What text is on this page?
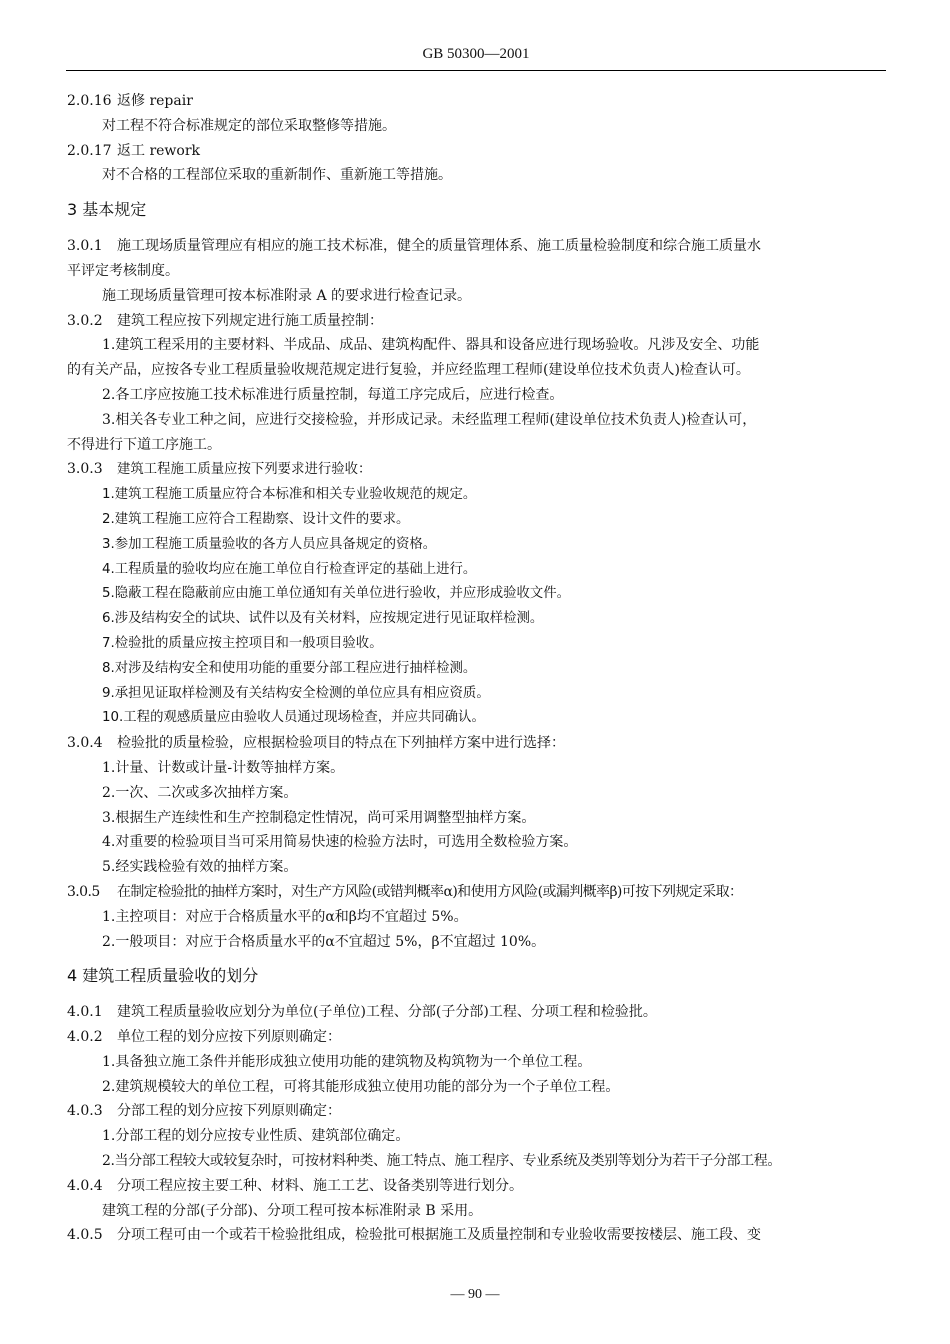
GB 50300—2001
2.0.16 返修 repair
对工程不符合标准规定的部位采取整修等措施。
2.0.17 返工 rework
对不合格的工程部位采取的重新制作、重新施工等措施。
3 基本规定
3.0.1 施工现场质量管理应有相应的施工技术标准，健全的质量管理体系、施工质量检验制度和综合施工质量水
平评定考核制度。
施工现场质量管理可按本标准附录 A 的要求进行检查记录。
3.0.2 建筑工程应按下列规定进行施工质量控制：
1.建筑工程采用的主要材料、半成品、成品、建筑构配件、器具和设备应进行现场验收。凡涉及安全、功能
的有关产品，应按各专业工程质量验收规范规定进行复验，并应经监理工程师(建设单位技术负责人)检查认可。
2.各工序应按施工技术标准进行质量控制，每道工序完成后，应进行检查。
3.相关各专业工种之间，应进行交接检验，并形成记录。未经监理工程师(建设单位技术负责人)检查认可，
不得进行下道工序施工。
3.0.3 建筑工程施工质量应按下列要求进行验收：
1.建筑工程施工质量应符合本标准和相关专业验收规范的规定。
2.建筑工程施工应符合工程勘察、设计文件的要求。
3.参加工程施工质量验收的各方人员应具备规定的资格。
4.工程质量的验收均应在施工单位自行检查评定的基础上进行。
5.隐蔽工程在隐蔽前应由施工单位通知有关单位进行验收，并应形成验收文件。
6.涉及结构安全的试块、试件以及有关材料，应按规定进行见证取样检测。
7.检验批的质量应按主控项目和一般项目验收。
8.对涉及结构安全和使用功能的重要分部工程应进行抽样检测。
9.承担见证取样检测及有关结构安全检测的单位应具有相应资质。
10.工程的观感质量应由验收人员通过现场检查，并应共同确认。
3.0.4 检验批的质量检验，应根据检验项目的特点在下列抽样方案中进行选择：
1.计量、计数或计量-计数等抽样方案。
2.一次、二次或多次抽样方案。
3.根据生产连续性和生产控制稳定性情况，尚可采用调整型抽样方案。
4.对重要的检验项目当可采用简易快速的检验方法时，可选用全数检验方案。
5.经实践检验有效的抽样方案。
3.0.5 在制定检验批的抽样方案时，对生产方风险(或错判概率α)和使用方风险(或漏判概率β)可按下列规定采取：
1.主控项目：对应于合格质量水平的α和β均不宜超过 5%。
2.一般项目：对应于合格质量水平的α不宜超过 5%，β不宜超过 10%。
4 建筑工程质量验收的划分
4.0.1 建筑工程质量验收应划分为单位(子单位)工程、分部(子分部)工程、分项工程和检验批。
4.0.2 单位工程的划分应按下列原则确定：
1.具备独立施工条件并能形成独立使用功能的建筑物及构筑物为一个单位工程。
2.建筑规模较大的单位工程，可将其能形成独立使用功能的部分为一个子单位工程。
4.0.3 分部工程的划分应按下列原则确定：
1.分部工程的划分应按专业性质、建筑部位确定。
2.当分部工程较大或较复杂时，可按材料种类、施工特点、施工程序、专业系统及类别等划分为若干子分部工程。
4.0.4 分项工程应按主要工种、材料、施工工艺、设备类别等进行划分。
建筑工程的分部(子分部)、分项工程可按本标准附录 B 采用。
4.0.5 分项工程可由一个或若干检验批组成，检验批可根据施工及质量控制和专业验收需要按楼层、施工段、变
— 90 —
